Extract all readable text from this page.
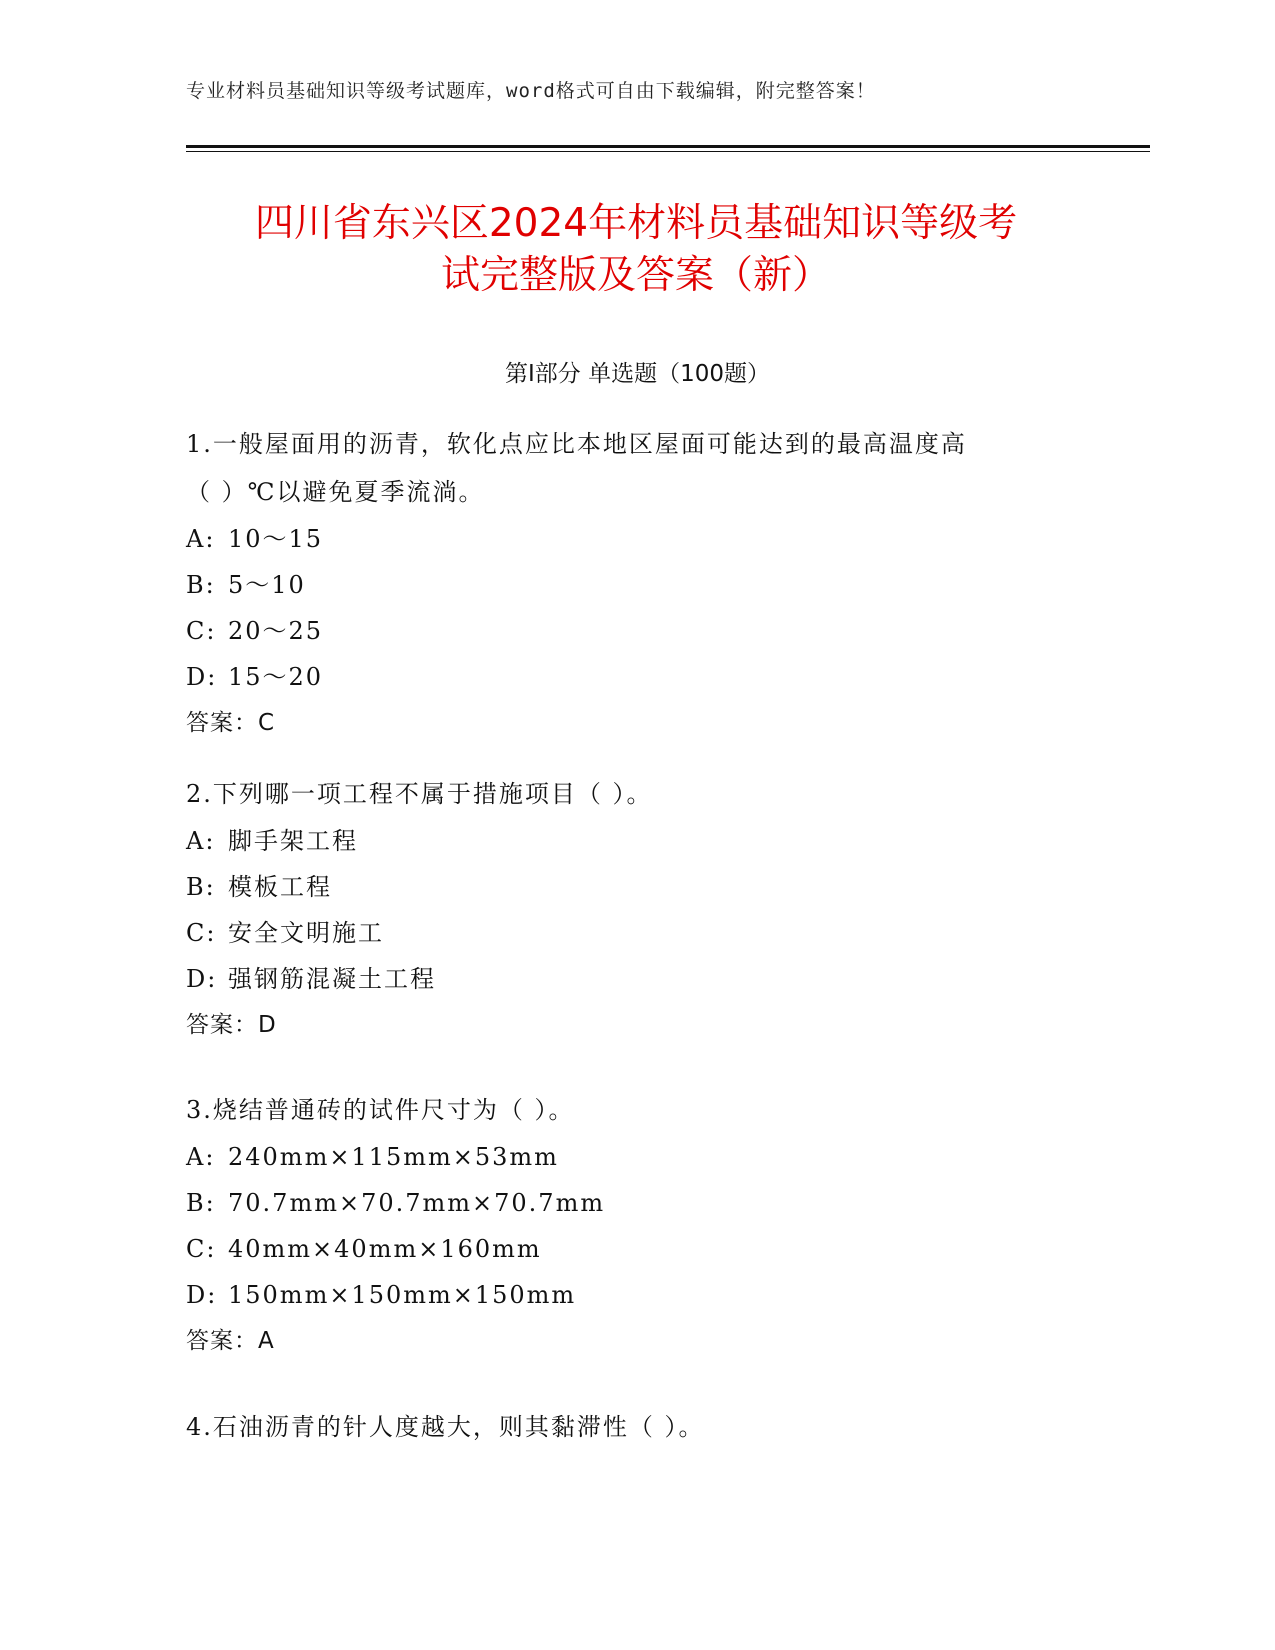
专业材料员基础知识等级考试题库，word格式可自由下载编辑，附完整答案！
四川省东兴区2024年材料员基础知识等级考
试完整版及答案（新）
第I部分 单选题（100题）
1.一般屋面用的沥青，软化点应比本地区屋面可能达到的最高温度高
（ ）℃以避免夏季流淌。
A: 10～15
B: 5～10
C: 20～25
D: 15～20
答案：C
2.下列哪一项工程不属于措施项目（ ）。
A: 脚手架工程
B: 模板工程
C: 安全文明施工
D: 强钢筋混凝土工程
答案：D
3.烧结普通砖的试件尺寸为（ ）。
A: 240mm×115mm×53mm
B: 70.7mm×70.7mm×70.7mm
C: 40mm×40mm×160mm
D: 150mm×150mm×150mm
答案：A
4.石油沥青的针人度越大，则其黏滞性（ ）。
